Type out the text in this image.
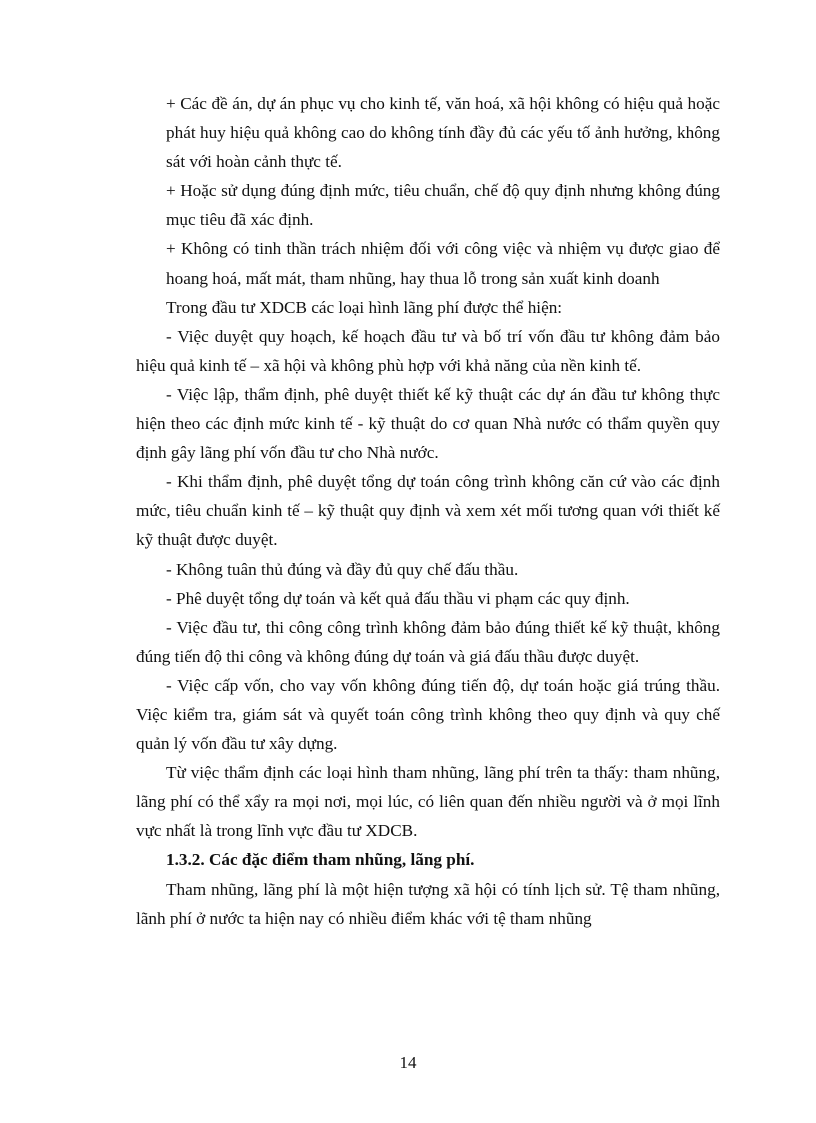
+ Các đề án, dự án phục vụ cho kinh tế, văn hoá, xã hội không có hiệu quả hoặc phát huy hiệu quả không cao do không tính đầy đủ các yếu tố ảnh hưởng, không sát với hoàn cảnh thực tế.

+ Hoặc sử dụng đúng định mức, tiêu chuẩn, chế độ quy định nhưng không đúng mục tiêu đã xác định.

+ Không có tinh thần trách nhiệm đối với công việc và nhiệm vụ được giao để hoang hoá, mất mát, tham nhũng, hay thua lỗ trong sản xuất kinh doanh

Trong đầu tư XDCB các loại hình lãng phí được thể hiện:

- Việc duyệt quy hoạch, kế hoạch đầu tư và bố trí vốn đầu tư không đảm bảo hiệu quả kinh tế – xã hội và không phù hợp với khả năng của nền kinh tế.

- Việc lập, thẩm định, phê duyệt thiết kế kỹ thuật các dự án đầu tư không thực hiện theo các định mức kinh tế - kỹ thuật do cơ quan Nhà nước có thẩm quyền quy định gây lãng phí vốn đầu tư cho Nhà nước.

- Khi thẩm định, phê duyệt tổng dự toán công trình không căn cứ vào các định mức, tiêu chuẩn kinh tế – kỹ thuật quy định và xem xét mối tương quan với thiết kế kỹ thuật được duyệt.

- Không tuân thủ đúng và đầy đủ quy chế đấu thầu.

- Phê duyệt tổng dự toán và kết quả đấu thầu vi phạm các quy định.

- Việc đầu tư, thi công công trình không đảm bảo đúng thiết kế kỹ thuật, không đúng tiến độ thi công và không đúng dự toán và giá đấu thầu được duyệt.

- Việc cấp vốn, cho vay vốn không đúng tiến độ, dự toán hoặc giá trúng thầu. Việc kiểm tra, giám sát và quyết toán công trình không theo quy định và quy chế quản lý vốn đầu tư xây dựng.

Từ việc thẩm định các loại hình tham nhũng, lãng phí trên ta thấy: tham nhũng, lãng phí có thể xẩy ra mọi nơi, mọi lúc, có liên quan đến nhiều người và ở mọi lĩnh vực nhất là trong lĩnh vực đầu tư XDCB.

1.3.2. Các đặc điểm tham nhũng, lãng phí.

Tham nhũng, lãng phí là một hiện tượng xã hội có tính lịch sử. Tệ tham nhũng, lãnh phí ở nước ta hiện nay có nhiều điểm khác với tệ tham nhũng

14
